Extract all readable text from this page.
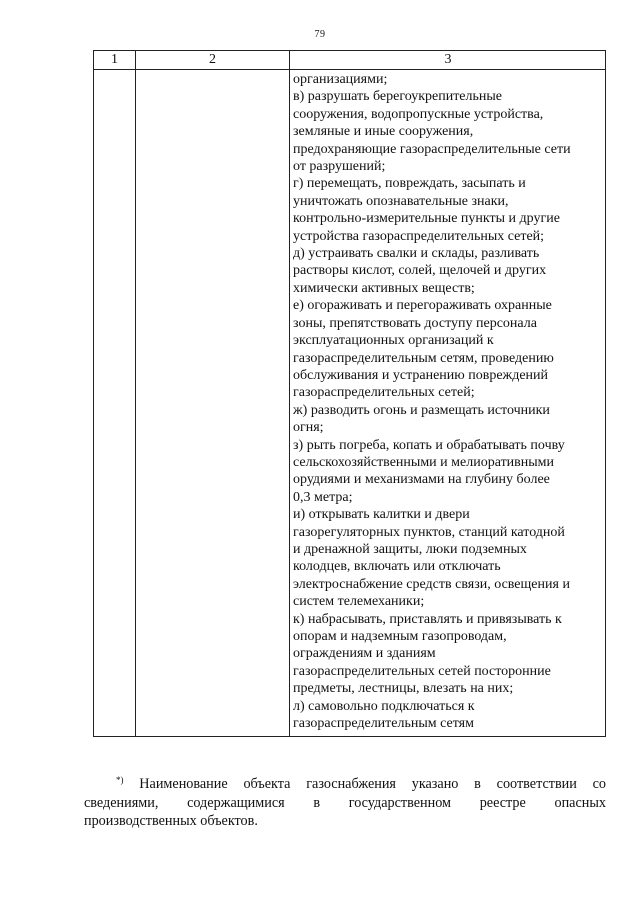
79
1	2	3

организациями;

в) разрушать берегоукрепительные

сооружения, водопропускные устройства,

земляные и иные сооружения,

предохраняющие газораспределительные сети

от разрушений;

г) перемещать, повреждать, засыпать и

уничтожать опознавательные знаки,

контрольно-измерительные пункты и другие

устройства газораспределительных сетей;

д) устраивать свалки и склады, разливать

растворы кислот, солей, щелочей и других

химически активных веществ;

е) огораживать и перегораживать охранные

зоны, препятствовать доступу персонала

эксплуатационных организаций к

газораспределительным сетям, проведению

обслуживания и устранению повреждений

газораспределительных сетей;

ж) разводить огонь и размещать источники

огня;

з) рыть погреба, копать и обрабатывать почву

сельскохозяйственными и мелиоративными

орудиями и механизмами на глубину более

0,3 метра;

и) открывать калитки и двери

газорегуляторных пунктов, станций катодной

и дренажной защиты, люки подземных

колодцев, включать или отключать

электроснабжение средств связи, освещения и

систем телемеханики;

к) набрасывать, приставлять и привязывать к

опорам и надземным газопроводам,

ограждениям и зданиям

газораспределительных сетей посторонние

предметы, лестницы, влезать на них;

л) самовольно подключаться к

газораспределительным сетям

*) Наименование объекта газоснабжения указано в соответствии со
сведениями, содержащимися в государственном реестре опасных
производственных объектов.
